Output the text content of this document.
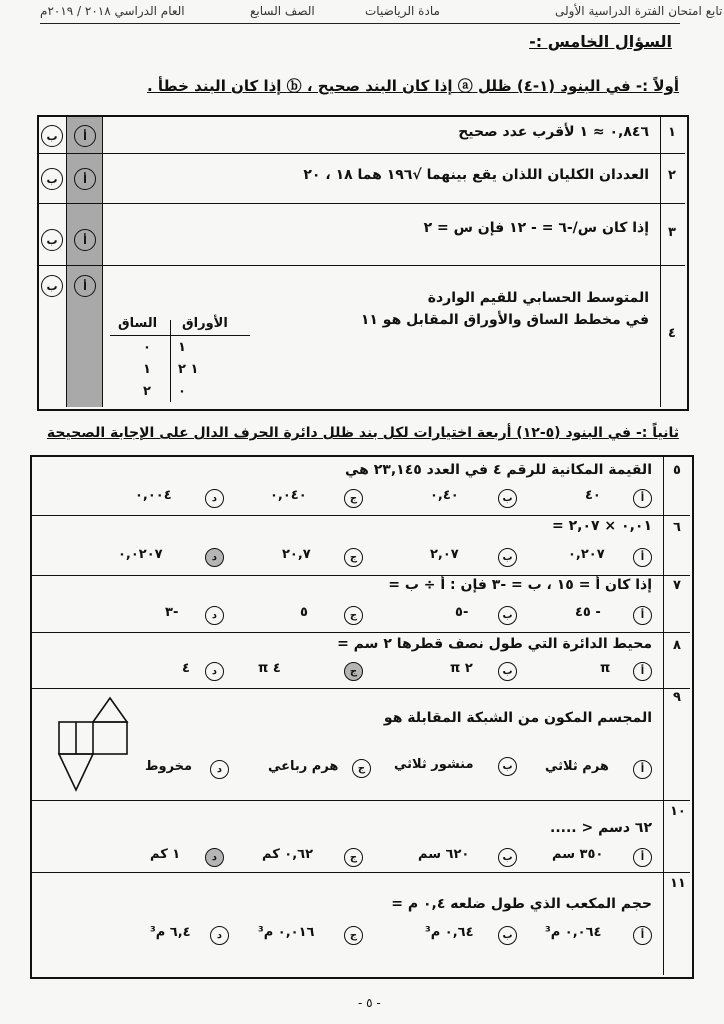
تابع امتحان الفترة الدراسية الأولى
مادة الرياضيات
الصف السابع
العام الدراسي ٢٠١٨ / ٢٠١٩م
السؤال الخامس :-
أولاً :- في البنود (١-٤) ظلل ⓐ إذا كان البند صحيح ، ⓑ إذا كان البند خطأ .
١
٠,٨٤٦ ≈ ١ لأقرب عدد صحيح
ﺃ
ب
٢
العددان الكليان اللذان يقع بينهما √١٩٦ هما ١٨ ، ٢٠
ﺃ
ب
٣
إذا كان س/-٦ = - ١٢ فإن س = ٢
ﺃ
ب
٤
المتوسط الحسابي للقيم الواردة
في مخطط الساق والأوراق المقابل هو ١١
ﺃ
ب
الأوراق
الساق
٠ ١
١ ١ ٢
٢ ٠
ثانياً :- في البنود (٥-١٢) أربعة اختيارات لكل بند ظلل دائرة الحرف الدال على الإجابة الصحيحة
٥
القيمة المكانية للرقم ٤ في العدد ٢٣,١٤٥ هي
ﺃ
٤٠
ب
٠,٤٠
ج
٠,٠٤٠
د
٠,٠٠٤
٦
٠,٠١ × ٢,٠٧ =
ﺃ
٠,٢٠٧
ب
٢,٠٧
ج
٢٠,٧
د
٠,٠٢٠٧
٧
إذا كان ﺃ = ١٥ ، ب = -٣ فإن : ﺃ ÷ ب =
ﺃ
- ٤٥
ب
٥-
ج
٥
د
-٣
٨
محيط الدائرة التي طول نصف قطرها ٢ سم =
ﺃ
π
ب
٢ π
ج
٤ π
د
٤
٩
المجسم المكون من الشبكة المقابلة هو
ﺃ
هرم ثلاثي
ب
منشور ثلاثي
ج
هرم رباعي
د
مخروط
١٠
٦٢ دسم < .....
ﺃ
٣٥٠ سم
ب
٦٢٠ سم
ج
٠,٦٢ كم
د
١ كم
١١
حجم المكعب الذي طول ضلعه ٠,٤ م =
ﺃ
٠,٠٦٤ م³
ب
٠,٦٤ م³
ج
٠,٠١٦ م³
د
٦,٤ م³
- ٥ -
